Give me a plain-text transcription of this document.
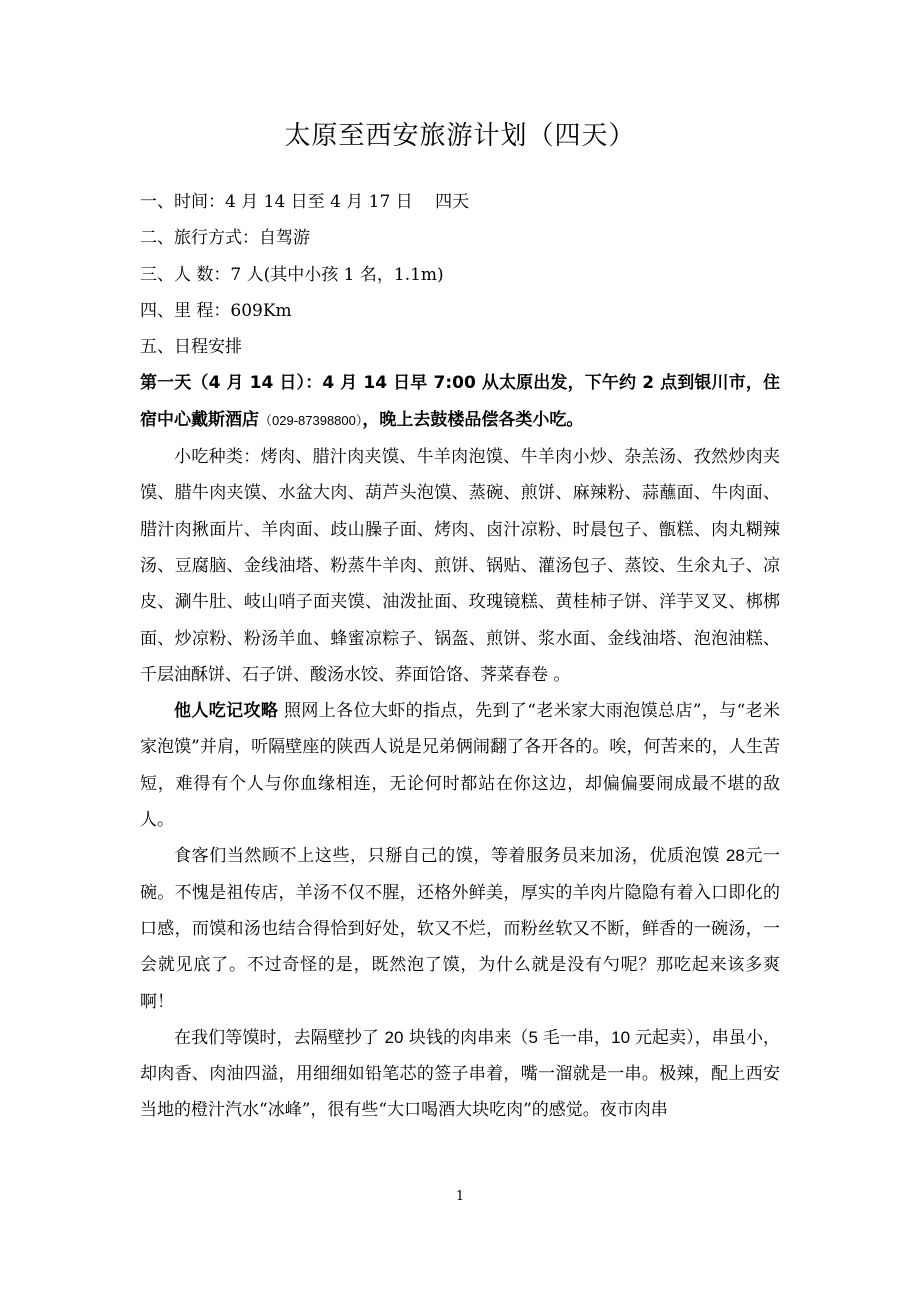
太原至西安旅游计划（四天）
一、时间：4 月 14 日至 4 月 17 日　 四天
二、旅行方式：自驾游
三、人 数：7 人(其中小孩 1 名，1.1m)
四、里 程：609Km
五、日程安排

第一天（4 月 14 日）：4 月 14 日早 7:00 从太原出发，下午约 2 点到银川市，住宿中心戴斯酒店（029-87398800），晚上去鼓楼品偿各类小吃。

小吃种类：烤肉、腊汁肉夹馍、牛羊肉泡馍、牛羊肉小炒、杂羔汤、孜然炒肉夹馍、腊牛肉夹馍、水盆大肉、葫芦头泡馍、蒸碗、煎饼、麻辣粉、蒜蘸面、牛肉面、腊汁肉揪面片、羊肉面、歧山臊子面、烤肉、卤汁凉粉、时晨包子、甑糕、肉丸糊辣汤、豆腐脑、金线油塔、粉蒸牛羊肉、煎饼、锅贴、灌汤包子、蒸饺、生氽丸子、凉皮、涮牛肚、岐山哨子面夹馍、油泼扯面、玫瑰镜糕、黄桂柿子饼、洋芋叉叉、梆梆面、炒凉粉、粉汤羊血、蜂蜜凉粽子、锅盔、煎饼、浆水面、金线油塔、泡泡油糕、千层油酥饼、石子饼、酸汤水饺、荞面饸饹、荠菜春卷 。

他人吃记攻略 照网上各位大虾的指点，先到了“老米家大雨泡馍总店”，与“老米家泡馍”并肩，听隔壁座的陕西人说是兄弟俩闹翻了各开各的。唉，何苦来的，人生苦短，难得有个人与你血缘相连，无论何时都站在你这边，却偏偏要闹成最不堪的敌人。

食客们当然顾不上这些，只掰自己的馍，等着服务员来加汤，优质泡馍 28元一碗。不愧是祖传店，羊汤不仅不腥，还格外鲜美，厚实的羊肉片隐隐有着入口即化的口感，而馍和汤也结合得恰到好处，软又不烂，而粉丝软又不断，鲜香的一碗汤，一会就见底了。不过奇怪的是，既然泡了馍，为什么就是没有勺呢？那吃起来该多爽啊！

在我们等馍时，去隔壁抄了 20 块钱的肉串来（5 毛一串，10 元起卖），串虽小，却肉香、肉油四溢，用细细如铅笔芯的签子串着，嘴一溜就是一串。极辣，配上西安当地的橙汁汽水“冰峰”，很有些“大口喝酒大块吃肉”的感觉。夜市肉串

1
